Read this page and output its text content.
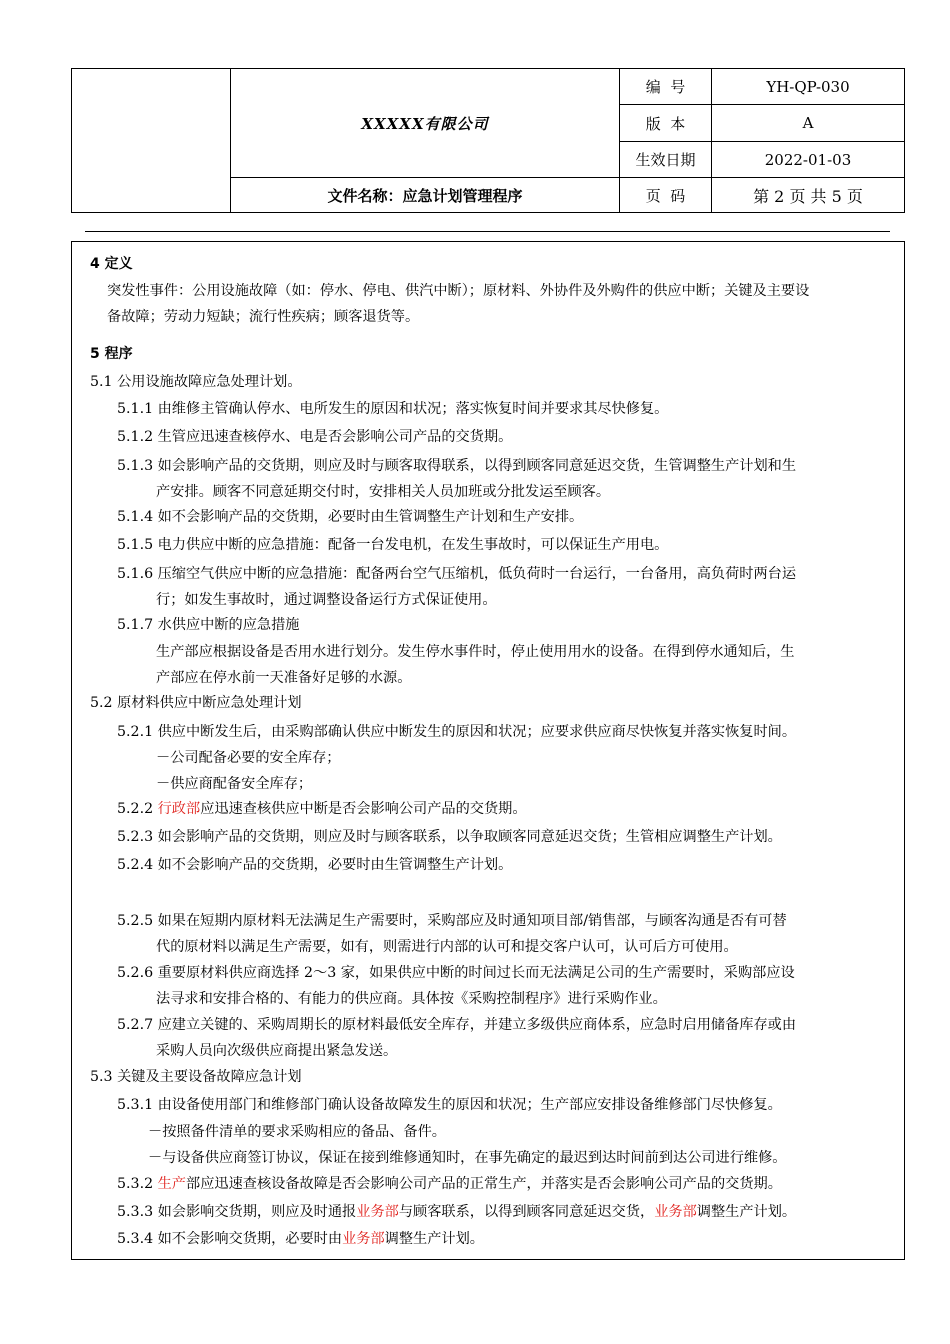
XXXXX有限公司
文件名称：应急计划管理程序
编  号	YH-QP-030
版  本	A
生效日期	2022-01-03
页  码	第 2 页 共 5 页
4 定义
突发性事件：公用设施故障（如：停水、停电、供汽中断）；原材料、外协件及外购件的供应中断；关键及主要设
备故障；劳动力短缺；流行性疾病；顾客退货等。
5 程序
5.1 公用设施故障应急处理计划。
5.1.1 由维修主管确认停水、电所发生的原因和状况；落实恢复时间并要求其尽快修复。
5.1.2 生管应迅速查核停水、电是否会影响公司产品的交货期。
5.1.3 如会影响产品的交货期，则应及时与顾客取得联系，以得到顾客同意延迟交货，生管调整生产计划和生
产安排。顾客不同意延期交付时，安排相关人员加班或分批发运至顾客。
5.1.4 如不会影响产品的交货期，必要时由生管调整生产计划和生产安排。
5.1.5 电力供应中断的应急措施：配备一台发电机，在发生事故时，可以保证生产用电。
5.1.6 压缩空气供应中断的应急措施：配备两台空气压缩机，低负荷时一台运行，一台备用，高负荷时两台运
行；如发生事故时，通过调整设备运行方式保证使用。
5.1.7 水供应中断的应急措施
生产部应根据设备是否用水进行划分。发生停水事件时，停止使用用水的设备。在得到停水通知后，生
产部应在停水前一天准备好足够的水源。
5.2 原材料供应中断应急处理计划
5.2.1 供应中断发生后，由采购部确认供应中断发生的原因和状况；应要求供应商尽快恢复并落实恢复时间。
－公司配备必要的安全库存；
－供应商配备安全库存；
5.2.2 行政部应迅速查核供应中断是否会影响公司产品的交货期。
5.2.3 如会影响产品的交货期，则应及时与顾客联系，以争取顾客同意延迟交货；生管相应调整生产计划。
5.2.4 如不会影响产品的交货期，必要时由生管调整生产计划。
5.2.5 如果在短期内原材料无法满足生产需要时，采购部应及时通知项目部/销售部，与顾客沟通是否有可替
代的原材料以满足生产需要，如有，则需进行内部的认可和提交客户认可，认可后方可使用。
5.2.6 重要原材料供应商选择 2～3 家，如果供应中断的时间过长而无法满足公司的生产需要时，采购部应设
法寻求和安排合格的、有能力的供应商。具体按《采购控制程序》进行采购作业。
5.2.7 应建立关键的、采购周期长的原材料最低安全库存，并建立多级供应商体系，应急时启用储备库存或由
采购人员向次级供应商提出紧急发送。
5.3 关键及主要设备故障应急计划
5.3.1 由设备使用部门和维修部门确认设备故障发生的原因和状况；生产部应安排设备维修部门尽快修复。
－按照备件清单的要求采购相应的备品、备件。
－与设备供应商签订协议，保证在接到维修通知时，在事先确定的最迟到达时间前到达公司进行维修。
5.3.2 生产部应迅速查核设备故障是否会影响公司产品的正常生产，并落实是否会影响公司产品的交货期。
5.3.3 如会影响交货期，则应及时通报业务部与顾客联系，以得到顾客同意延迟交货，业务部调整生产计划。
5.3.4 如不会影响交货期，必要时由业务部调整生产计划。
